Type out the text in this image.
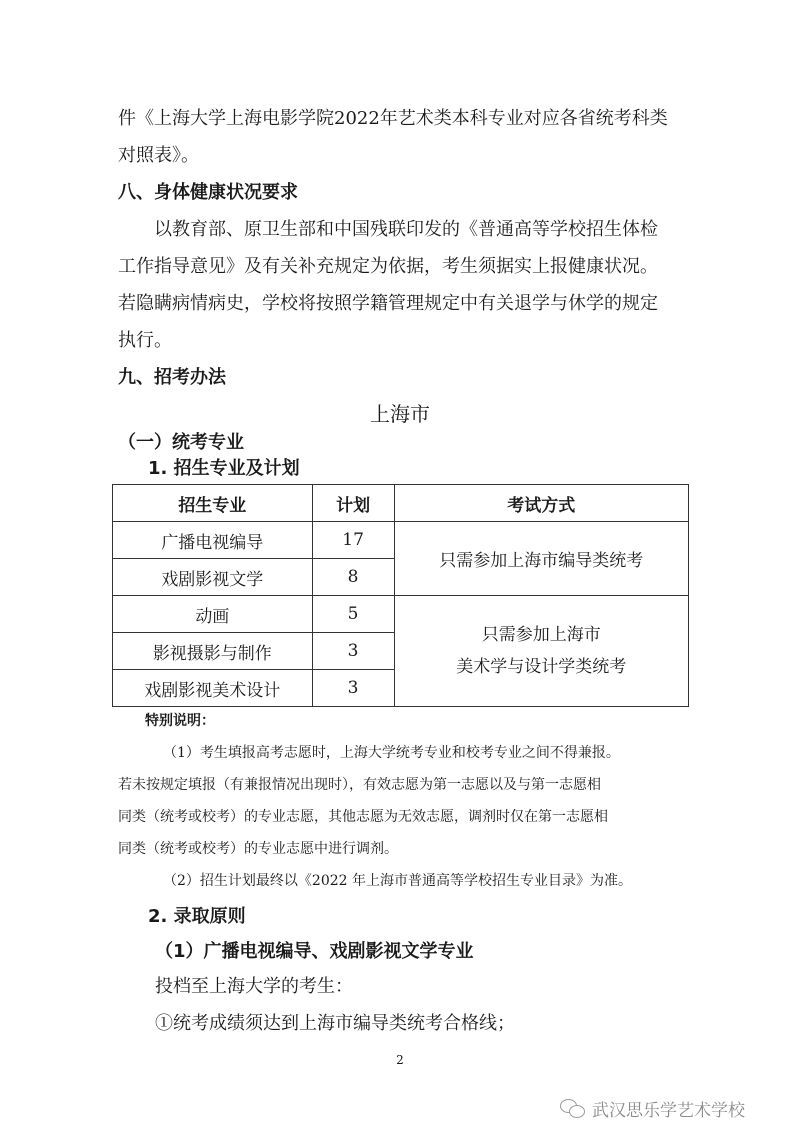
件《上海大学上海电影学院2022年艺术类本科专业对应各省统考科类
对照表》。
八、身体健康状况要求
以教育部、原卫生部和中国残联印发的《普通高等学校招生体检
工作指导意见》及有关补充规定为依据，考生须据实上报健康状况。
若隐瞒病情病史，学校将按照学籍管理规定中有关退学与休学的规定
执行。
九、招考办法
上海市
（一）统考专业
1. 招生专业及计划
招生专业	计划	考试方式
广播电视编导	17	只需参加上海市编导类统考
戏剧影视文学	8	
动画	5	只需参加上海市
美术学与设计学类统考

影视摄影与制作	3	
戏剧影视美术设计	3	
特别说明：
（1）考生填报高考志愿时，上海大学统考专业和校考专业之间不得兼报。
若未按规定填报（有兼报情况出现时），有效志愿为第一志愿以及与第一志愿相
同类（统考或校考）的专业志愿，其他志愿为无效志愿，调剂时仅在第一志愿相
同类（统考或校考）的专业志愿中进行调剂。
（2）招生计划最终以《2022 年上海市普通高等学校招生专业目录》为准。
2. 录取原则
（1）广播电视编导、戏剧影视文学专业
投档至上海大学的考生：
①统考成绩须达到上海市编导类统考合格线；
2
武汉思乐学艺术学校
